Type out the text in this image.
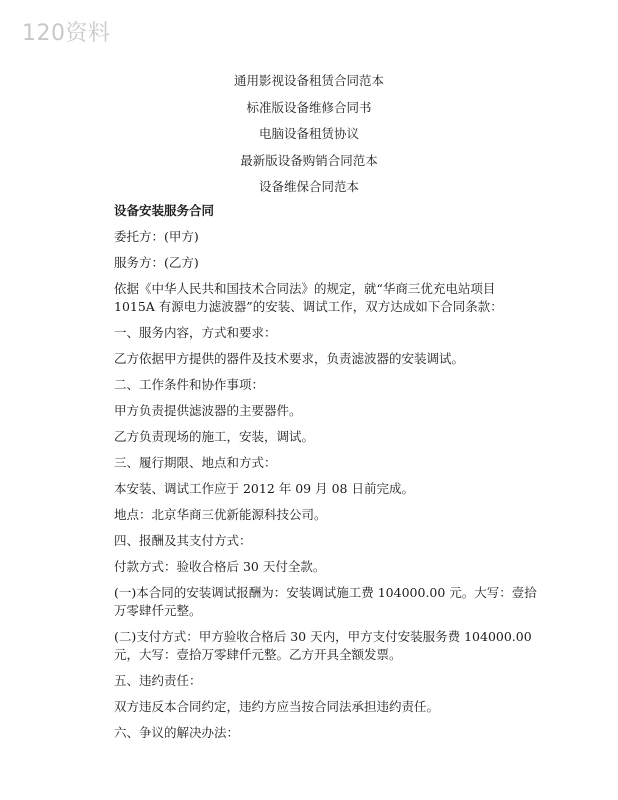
120资料
通用影视设备租赁合同范本
标准版设备维修合同书
电脑设备租赁协议
最新版设备购销合同范本
设备维保合同范本
设备安装服务合同
委托方：(甲方)
服务方：(乙方)
依据《中华人民共和国技术合同法》的规定，就“华商三优充电站项目 1015A 有源电力滤波器”的安装、调试工作，双方达成如下合同条款：
一、服务内容，方式和要求：
乙方依据甲方提供的器件及技术要求，负责滤波器的安装调试。
二、工作条件和协作事项：
甲方负责提供滤波器的主要器件。
乙方负责现场的施工，安装，调试。
三、履行期限、地点和方式：
本安装、调试工作应于 2012 年 09 月 08 日前完成。
地点：北京华商三优新能源科技公司。
四、报酬及其支付方式：
付款方式：验收合格后 30 天付全款。
(一)本合同的安装调试报酬为：安装调试施工费 104000.00 元。大写：壹拾万零肆仟元整。
(二)支付方式：甲方验收合格后 30 天内，甲方支付安装服务费 104000.00 元，大写：壹拾万零肆仟元整。乙方开具全额发票。
五、违约责任：
双方违反本合同约定，违约方应当按合同法承担违约责任。
六、争议的解决办法：
